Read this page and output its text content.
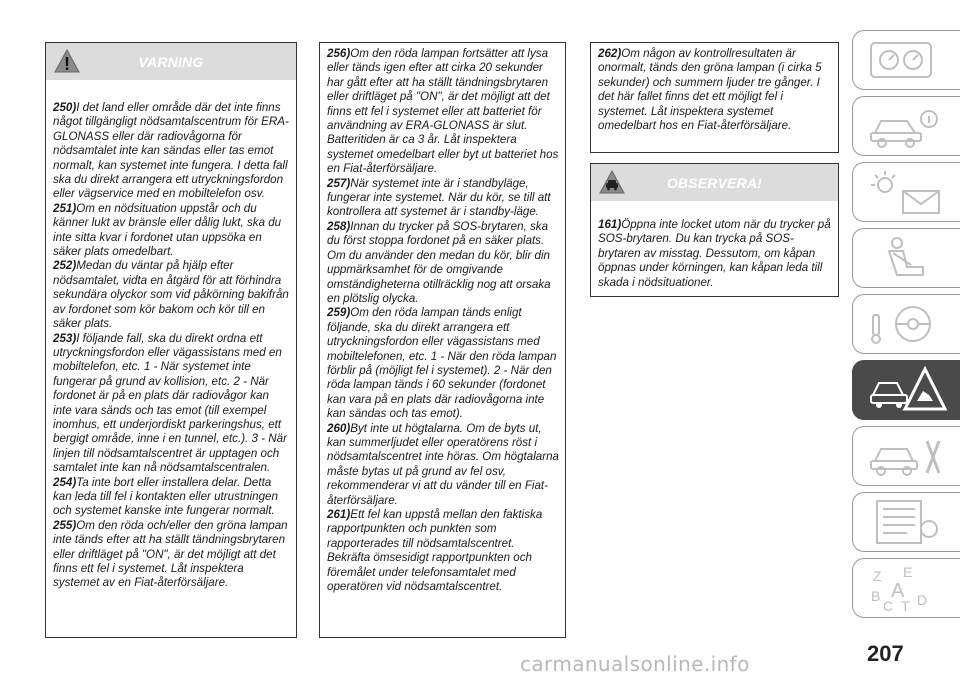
VARNING

250)I det land eller område där det inte finns något tillgängligt nödsamtalscentrum för ERA-GLONASS eller där radiovågorna för nödsamtalet inte kan sändas eller tas emot normalt, kan systemet inte fungera. I detta fall ska du direkt arrangera ett utryckningsfordon eller vägservice med en mobiltelefon osv.

251)Om en nödsituation uppstår och du känner lukt av bränsle eller dålig lukt, ska du inte sitta kvar i fordonet utan uppsöka en säker plats omedelbart.

252)Medan du väntar på hjälp efter nödsamtalet, vidta en åtgärd för att förhindra sekundära olyckor som vid påkörning bakifrån av fordonet som kör bakom och kör till en säker plats.

253)I följande fall, ska du direkt ordna ett utryckningsfordon eller vägassistans med en mobiltelefon, etc. 1 - När systemet inte fungerar på grund av kollision, etc. 2 - När fordonet är på en plats där radiovågor kan inte vara sänds och tas emot (till exempel inomhus, ett underjordiskt parkeringshus, ett bergigt område, inne i en tunnel, etc.). 3 - När linjen till nödsamtalscentret är upptagen och samtalet inte kan nå nödsamtalscentralen.

254)Ta inte bort eller installera delar. Detta kan leda till fel i kontakten eller utrustningen och systemet kanske inte fungerar normalt.

255)Om den röda och/eller den gröna lampan inte tänds efter att ha ställt tändningsbrytaren eller driftläget på "ON", är det möjligt att det finns ett fel i systemet. Låt inspektera systemet av en Fiat-återförsäljare.

256)Om den röda lampan fortsätter att lysa eller tänds igen efter att cirka 20 sekunder har gått efter att ha ställt tändningsbrytaren eller driftläget på "ON", är det möjligt att det finns ett fel i systemet eller att batteriet för användning av ERA-GLONASS är slut. Batteritiden är ca 3 år. Låt inspektera systemet omedelbart eller byt ut batteriet hos en Fiat-återförsäljare.

257)När systemet inte är i standbyläge, fungerar inte systemet. När du kör, se till att kontrollera att systemet är i standby-läge.

258)Innan du trycker på SOS-brytaren, ska du först stoppa fordonet på en säker plats. Om du använder den medan du kör, blir din uppmärksamhet för de omgivande omständigheterna otillräcklig nog att orsaka en plötslig olycka.

259)Om den röda lampan tänds enligt följande, ska du direkt arrangera ett utryckningsfordon eller vägassistans med mobiltelefonen, etc. 1 - När den röda lampan förblir på (möjligt fel i systemet). 2 - När den röda lampan tänds i 60 sekunder (fordonet kan vara på en plats där radiovågorna inte kan sändas och tas emot).

260)Byt inte ut högtalarna. Om de byts ut, kan summerljudet eller operatörens röst i nödsamtalscentret inte höras. Om högtalarna måste bytas ut på grund av fel osv, rekommenderar vi att du vänder till en Fiat-återförsäljare.

261)Ett fel kan uppstå mellan den faktiska rapportpunkten och punkten som rapporterades till nödsamtalscentret. Bekräfta ömsesidigt rapportpunkten och föremålet under telefonsamtalet med operatören vid nödsamtalscentret.

262)Om någon av kontrollresultaten är onormalt, tänds den gröna lampan (i cirka 5 sekunder) och summern ljuder tre gånger. I det här fallet finns det ett möjligt fel i systemet. Låt inspektera systemet omedelbart hos en Fiat-återförsäljare.

OBSERVERA!

161)Öppna inte locket utom när du trycker på SOS-brytaren. Du kan trycka på SOS-brytaren av misstag. Dessutom, om kåpan öppnas under körningen, kan kåpan leda till skada i nödsituationer.

Z E
B A
C T D
207
carmanualsonline.info
